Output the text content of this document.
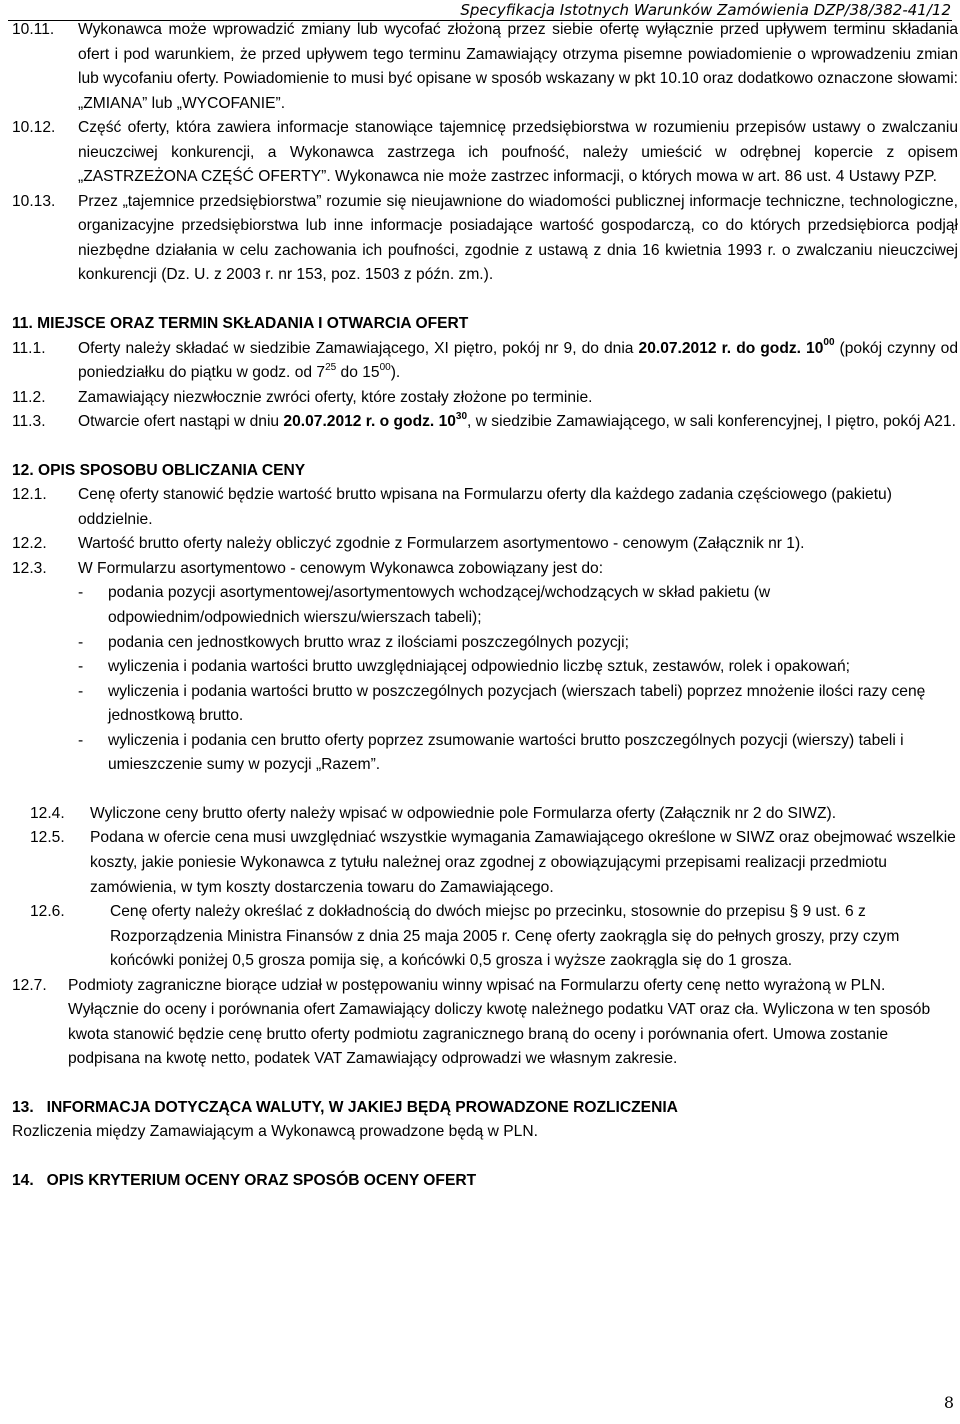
Specyfikacja Istotnych Warunków Zamówienia DZP/38/382-41/12
10.11.	Wykonawca może wprowadzić zmiany lub wycofać złożoną przez siebie ofertę wyłącznie przed upływem terminu składania ofert i pod warunkiem, że przed upływem tego terminu Zamawiający otrzyma pisemne powiadomienie o wprowadzeniu zmian lub wycofaniu oferty. Powiadomienie to musi być opisane w sposób wskazany w pkt 10.10 oraz dodatkowo oznaczone słowami: „ZMIANA” lub „WYCOFANIE”.
10.12.	Część oferty, która zawiera informacje stanowiące tajemnicę przedsiębiorstwa w rozumieniu przepisów ustawy o zwalczaniu nieuczciwej konkurencji, a Wykonawca zastrzega ich poufność, należy umieścić w odrębnej kopercie z opisem „ZASTRZEŻONA CZĘŚĆ OFERTY”. Wykonawca nie może zastrzec informacji, o których mowa w art. 86 ust. 4 Ustawy PZP.
10.13.	Przez „tajemnice przedsiębiorstwa” rozumie się nieujawnione do wiadomości publicznej informacje techniczne, technologiczne, organizacyjne przedsiębiorstwa lub inne informacje posiadające wartość gospodarczą, co do których przedsiębiorca podjął niezbędne działania w celu zachowania ich poufności, zgodnie z ustawą z dnia 16 kwietnia 1993 r. o zwalczaniu nieuczciwej konkurencji (Dz. U. z 2003 r. nr 153, poz. 1503 z późn. zm.).
11. MIEJSCE ORAZ TERMIN SKŁADANIA I OTWARCIA OFERT
11.1.	Oferty należy składać w siedzibie Zamawiającego, XI piętro, pokój nr 9, do dnia 20.07.2012 r. do godz. $10^{00}$ (pokój czynny od poniedziałku do piątku w godz. od $7^{25}$ do $15^{00}$).
11.2.	Zamawiający niezwłocznie zwróci oferty, które zostały złożone po terminie.
11.3.	Otwarcie ofert nastąpi w dniu 20.07.2012 r. o godz. $10^{30}$, w siedzibie Zamawiającego, w sali konferencyjnej, I piętro, pokój A21.
12. OPIS SPOSOBU OBLICZANIA CENY
12.1.	Cenę oferty stanowić będzie wartość brutto wpisana na Formularzu oferty dla każdego zadania częściowego (pakietu) oddzielnie.
12.2.	Wartość brutto oferty należy obliczyć zgodnie z Formularzem asortymentowo - cenowym (Załącznik nr 1).
12.3.	W Formularzu asortymentowo - cenowym Wykonawca zobowiązany jest do:
-	podania pozycji asortymentowej/asortymentowych wchodzącej/wchodzących w skład pakietu (w odpowiednim/odpowiednich wierszu/wierszach tabeli);
-	podania cen jednostkowych brutto wraz z ilościami poszczególnych pozycji;
-	wyliczenia i podania wartości brutto uwzględniającej odpowiednio liczbę sztuk, zestawów, rolek i opakowań;
-	wyliczenia i podania wartości brutto w poszczególnych pozycjach (wierszach tabeli) poprzez mnożenie ilości razy cenę jednostkową brutto.
-	wyliczenia i podania cen brutto oferty poprzez zsumowanie wartości brutto poszczególnych pozycji (wierszy) tabeli i umieszczenie sumy w pozycji „Razem”.
12.4.	Wyliczone ceny brutto oferty należy wpisać w odpowiednie pole Formularza oferty (Załącznik nr 2 do SIWZ).
12.5.	Podana w ofercie cena musi uwzględniać wszystkie wymagania Zamawiającego określone w SIWZ oraz obejmować wszelkie koszty, jakie poniesie Wykonawca z tytułu należnej oraz zgodnej z obowiązującymi przepisami realizacji przedmiotu zamówienia, w tym koszty dostarczenia towaru do Zamawiającego.
12.6.	Cenę oferty należy określać z dokładnością do dwóch miejsc po przecinku, stosownie do przepisu § 9 ust. 6 z Rozporządzenia Ministra Finansów z dnia 25 maja 2005 r. Cenę oferty zaokrągla się do pełnych groszy, przy czym końcówki poniżej 0,5 grosza pomija się, a końcówki 0,5 grosza i wyższe zaokrągla się do 1 grosza.
12.7.	Podmioty zagraniczne biorące udział w postępowaniu winny wpisać na Formularzu oferty cenę netto wyrażoną w PLN. Wyłącznie do oceny i porównania ofert Zamawiający doliczy kwotę należnego podatku VAT oraz cła. Wyliczona w ten sposób kwota stanowić będzie cenę brutto oferty podmiotu zagranicznego braną do oceny i porównania ofert. Umowa zostanie podpisana na kwotę netto, podatek VAT Zamawiający odprowadzi we własnym zakresie.
13.   INFORMACJA DOTYCZĄCA WALUTY, W JAKIEJ BĘDĄ PROWADZONE ROZLICZENIA
Rozliczenia między Zamawiającym a Wykonawcą prowadzone będą w PLN.
14.   OPIS KRYTERIUM OCENY ORAZ SPOSÓB OCENY OFERT
8
